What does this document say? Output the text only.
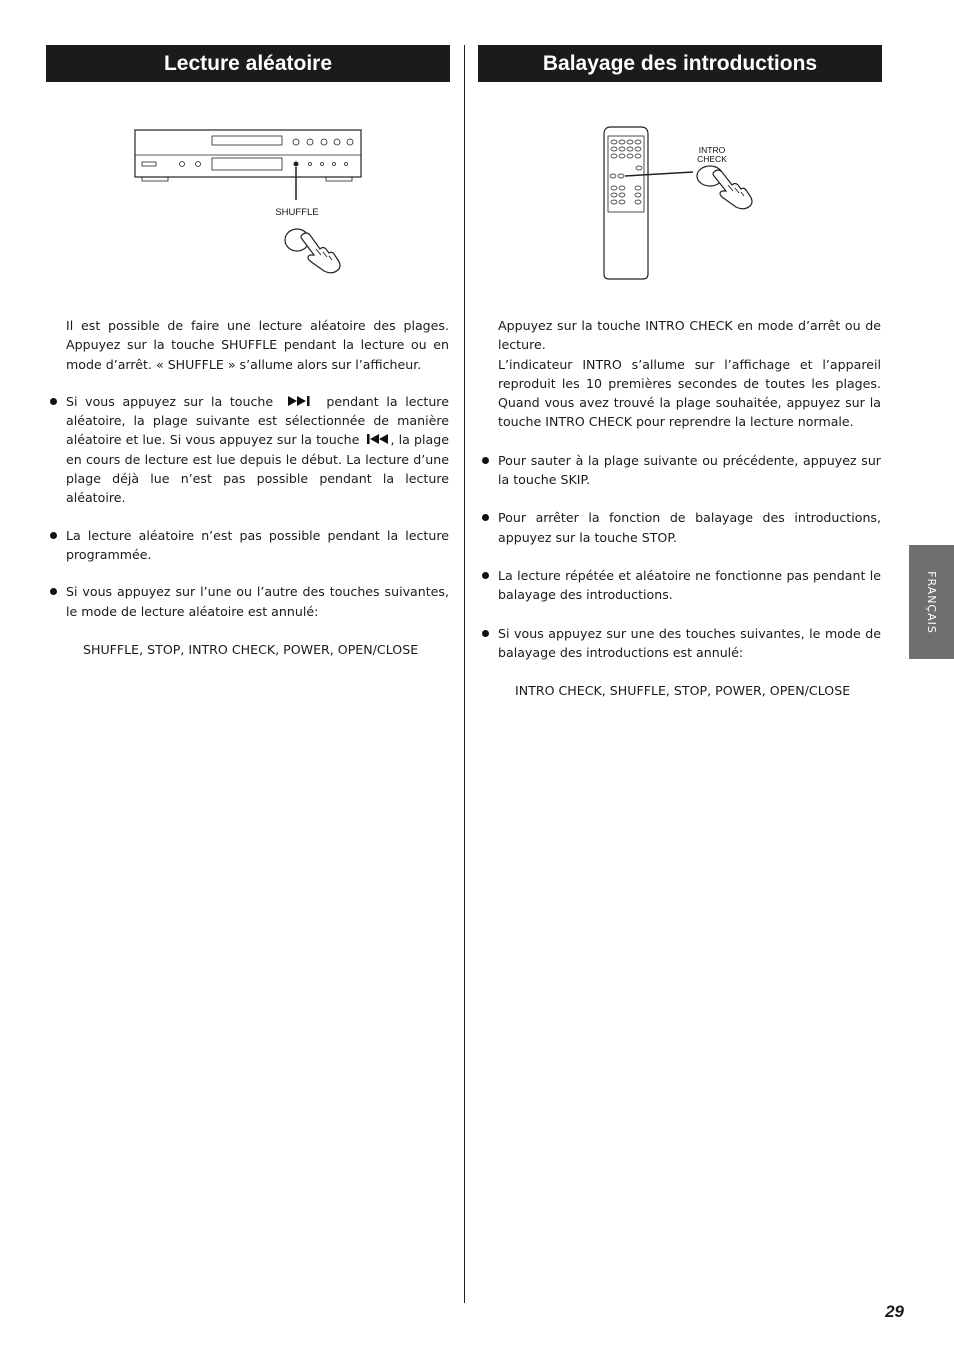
Lecture aléatoire	Balayage des introductions
SHUFFLE
INTRO
CHECK

Il est possible de faire une lecture aléatoire des plages. Appuyez sur la touche SHUFFLE pendant la lecture ou en mode d’arrêt. « SHUFFLE » s’allume alors sur l’afficheur.

Si vous appuyez sur la touche	pendant la lecture aléatoire, la plage suivante est sélectionnée de manière aléatoire et lue. Si vous appuyez sur la touche , la plage en cours de lecture est lue depuis le début. La lecture d’une plage déjà lue n’est pas possible pendant la lecture aléatoire.

La lecture aléatoire n’est pas possible pendant la lecture programmée.

Si vous appuyez sur l’une ou l’autre des touches suivantes, le mode de lecture aléatoire est annulé:

SHUFFLE, STOP, INTRO CHECK, POWER, OPEN/CLOSE

Appuyez sur la touche INTRO CHECK en mode d’arrêt ou de lecture.

L’indicateur INTRO s’allume sur l’affichage et l’appareil reproduit les 10 premières secondes de toutes les plages. Quand vous avez trouvé la plage souhaitée, appuyez sur la touche INTRO CHECK pour reprendre la lecture normale.

Pour sauter à la plage suivante ou précédente, appuyez sur la touche SKIP.

Pour arrêter la fonction de balayage des introductions, appuyez sur la touche STOP.

La lecture répétée et aléatoire ne fonctionne pas pendant le balayage des introductions.

Si vous appuyez sur une des touches suivantes, le mode de balayage des introductions est annulé:

INTRO CHECK, SHUFFLE, STOP, POWER, OPEN/CLOSE

FRANÇAIS
29
